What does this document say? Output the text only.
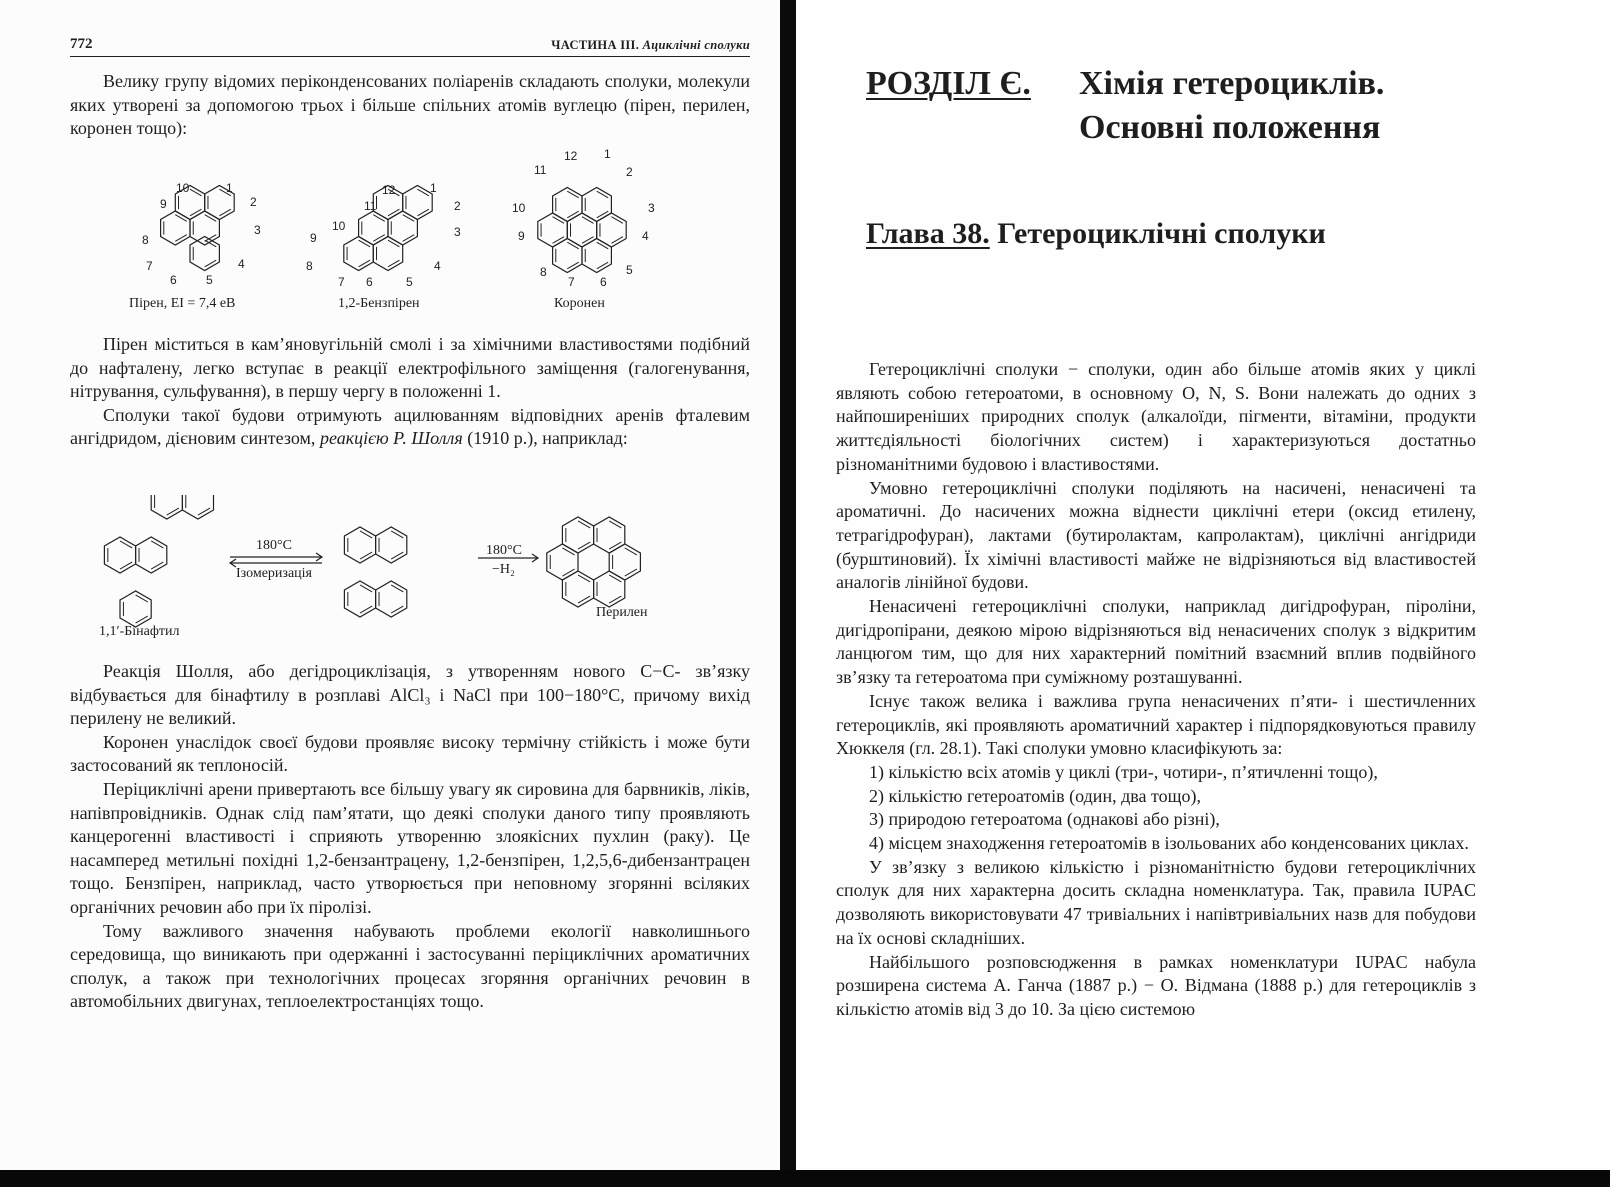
772	ЧАСТИНА III. Ациклічні сполуки

Велику групу відомих періконденсованих поліаренів складають сполуки, молекули яких утворені за допомогою трьох і більше спільних атомів вуглецю (пірен, перилен, коронен тощо):

10	1
9	2
8
3
7	4
6 5
12	1
11	2
10	3
9
8	4
7 6	5
12 1
11	2
10	3
9	4
8	5
7 6
Пірен, ЕІ = 7,4 eB	1,2-Бензпірен	Коронен

Пірен міститься в кам’яновугільній смолі і за хімічними властивостями подібний до нафталену, легко вступає в реакції електрофільного заміщення (галогенування, нітрування, сульфування), в першу чергу в положенні 1.

Сполуки такої будови отримують ацилюванням відповідних аренів фталевим ангідридом, дієновим синтезом, реакцією Р. Шолля (1910 р.), наприклад:

180°C
Ізомеризація
180°C
−H₂
1,1′-Бінафтил
Перилен

Реакція Шолля, або дегідроциклізація, з утворенням нового С−С- зв’язку відбувається для бінафтилу в розплаві AlCl₃ і NaCl при 100−180°С, причому вихід перилену не великий.

Коронен унаслідок своєї будови проявляє високу термічну стійкість і може бути застосований як теплоносій.

Періциклічні арени привертають все більшу увагу як сировина для барвників, ліків, напівпровідників. Однак слід пам’ятати, що деякі сполуки даного типу проявляють канцерогенні властивості і сприяють утворенню злоякісних пухлин (раку). Це насамперед метильні похідні 1,2-бензантрацену, 1,2-бензпірен, 1,2,5,6-дибензантрацен тощо. Бензпірен, наприклад, часто утворюється при неповному згорянні всіляких органічних речовин або при їх піролізі.

Тому важливого значення набувають проблеми екології навколишнього середовища, що виникають при одержанні і застосуванні періциклічних ароматичних сполук, а також при технологічних процесах згоряння органічних речовин в автомобільних двигунах, теплоелектростанціях тощо.

РОЗДІЛ Є. Хімія гетероциклів.
Основні положення
Глава 38. Гетероциклічні сполуки

Гетероциклічні сполуки − сполуки, один або більше атомів яких у циклі являють собою гетероатоми, в основному О, N, S. Вони належать до одних з найпоширеніших природних сполук (алкалоїди, пігменти, вітаміни, продукти життєдіяльності біологічних систем) і характеризуються достатньо різноманітними будовою і властивостями.

Умовно гетероциклічні сполуки поділяють на насичені, ненасичені та ароматичні. До насичених можна віднести циклічні етери (оксид етилену, тетрагідрофуран), лактами (бутиролактам, капролактам), циклічні ангідриди (бурштиновий). Їх хімічні властивості майже не відрізняються від властивостей аналогів лінійної будови.

Ненасичені гетероциклічні сполуки, наприклад дигідрофуран, піроліни, дигідропірани, деякою мірою відрізняються від ненасичених сполук з відкритим ланцюгом тим, що для них характерний помітний взаємний вплив подвійного зв’язку та гетероатома при суміжному розташуванні.

Існує також велика і важлива група ненасичених п’яти- і шестичленних гетероциклів, які проявляють ароматичний характер і підпорядковуються правилу Хюккеля (гл. 28.1). Такі сполуки умовно класифікують за:

1) кількістю всіх атомів у циклі (три-, чотири-, п’ятичленні тощо),

2) кількістю гетероатомів (один, два тощо),

3) природою гетероатома (однакові або різні),

4) місцем знаходження гетероатомів в ізольованих або конденсованих циклах.

У зв’язку з великою кількістю і різноманітністю будови гетероциклічних сполук для них характерна досить складна номенклатура. Так, правила IUPAC дозволяють використовувати 47 тривіальних і напівтривіальних назв для побудови на їх основі складніших.

Найбільшого розповсюдження в рамках номенклатури IUPAC набула розширена система А. Ганча (1887 р.) − О. Відмана (1888 р.) для гетероциклів з кількістю атомів від 3 до 10. За цією системою
